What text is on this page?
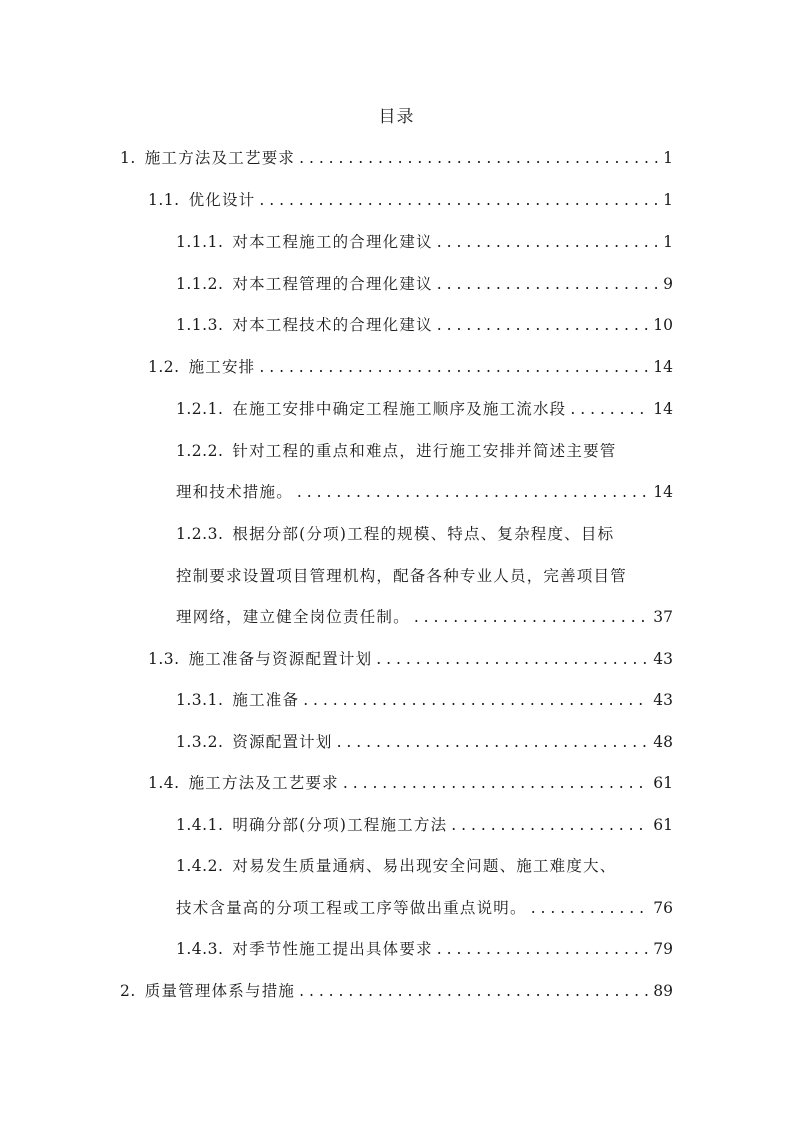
目录
1. 施工方法及工艺要求 . . .	1
1.1. 优化设计 . . .	1
1.1.1. 对本工程施工的合理化建议 . . .	1
1.1.2. 对本工程管理的合理化建议 . . .	9
1.1.3. 对本工程技术的合理化建议 . . .	10
1.2. 施工安排 . . .	14
1.2.1. 在施工安排中确定工程施工顺序及施工流水段 . . .	14
1.2.2. 针对工程的重点和难点，进行施工安排并简述主要管
理和技术措施。 . . .	14
1.2.3. 根据分部(分项)工程的规模、特点、复杂程度、目标
控制要求设置项目管理机构，配备各种专业人员，完善项目管
理网络，建立健全岗位责任制。 . . .	37
1.3. 施工准备与资源配置计划 . . .	43
1.3.1. 施工准备 . . .	43
1.3.2. 资源配置计划 . . .	48
1.4. 施工方法及工艺要求 . . .	61
1.4.1. 明确分部(分项)工程施工方法 . . .	61
1.4.2. 对易发生质量通病、易出现安全问题、施工难度大、
技术含量高的分项工程或工序等做出重点说明。 . . .	76
1.4.3. 对季节性施工提出具体要求 . . .	79
2. 质量管理体系与措施 . . .	89
